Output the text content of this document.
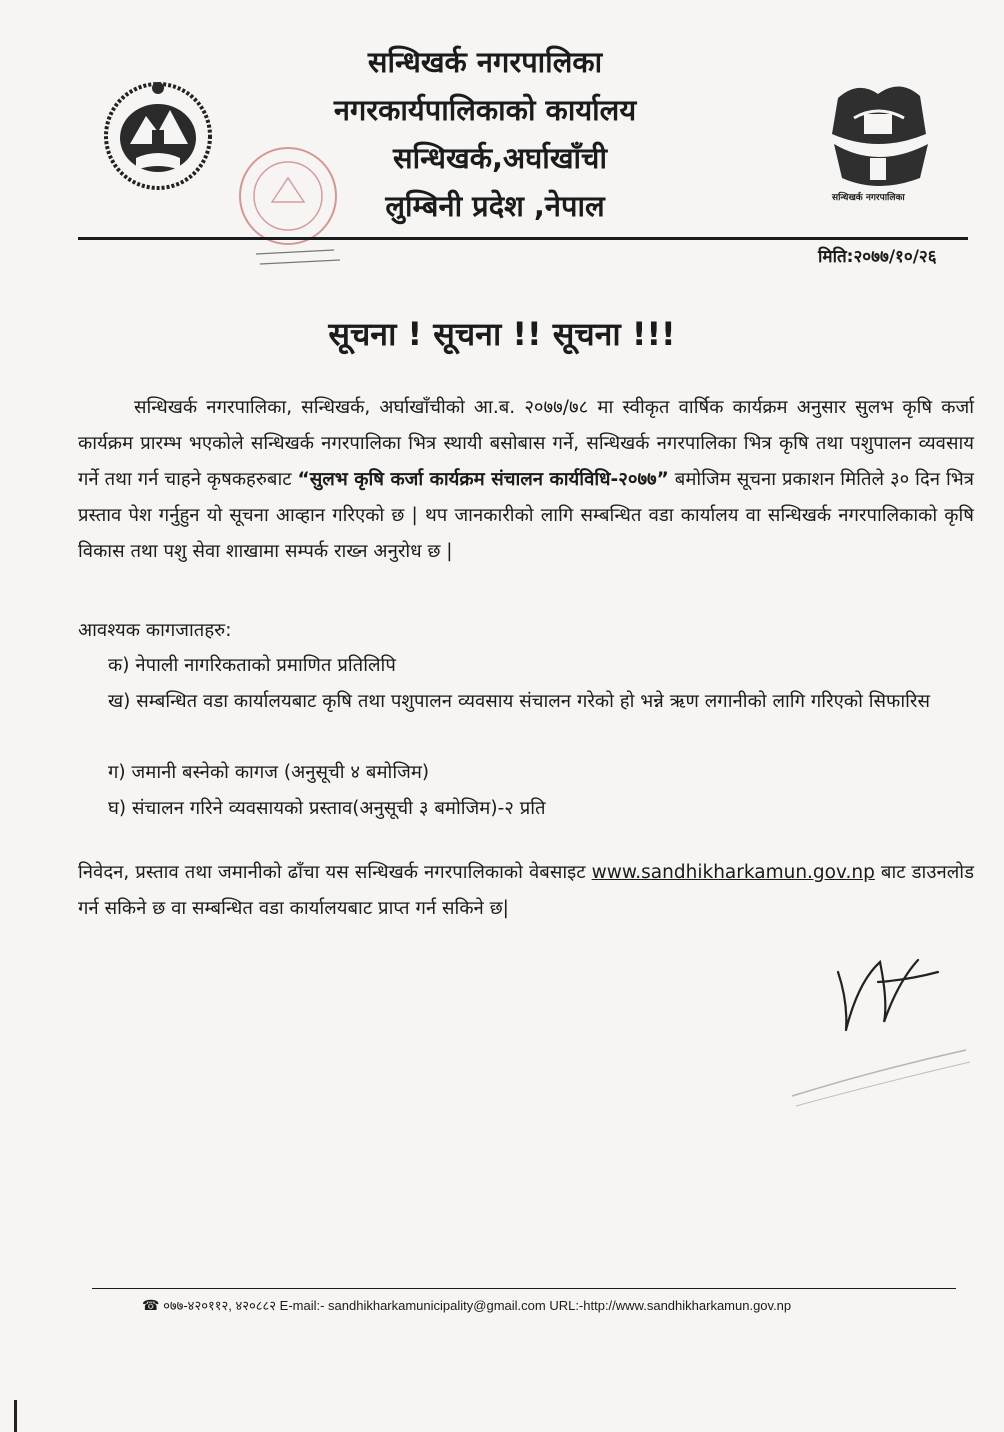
सन्धिखर्क नगरपालिका
नगरकार्यपालिकाको कार्यालय
सन्धिखर्क,अर्घाखाँची
लुम्बिनी प्रदेश ,नेपाल	सन्धिखर्क नगरपालिका
मिति:२०७७/१०/२६
सूचना ! सूचना !! सूचना !!!
सन्धिखर्क नगरपालिका, सन्धिखर्क, अर्घाखाँचीको आ.ब. २०७७/७८ मा स्वीकृत वार्षिक कार्यक्रम अनुसार सुलभ कृषि कर्जा कार्यक्रम प्रारम्भ भएकोले सन्धिखर्क नगरपालिका भित्र स्थायी बसोबास गर्ने, सन्धिखर्क नगरपालिका भित्र कृषि तथा पशुपालन व्यवसाय गर्ने तथा गर्न चाहने कृषकहरुबाट “सुलभ कृषि कर्जा कार्यक्रम संचालन कार्यविधि-२०७७” बमोजिम सूचना प्रकाशन मितिले ३० दिन भित्र प्रस्ताव पेश गर्नुहुन यो सूचना आव्हान गरिएको छ | थप जानकारीको लागि सम्बन्धित वडा कार्यालय वा सन्धिखर्क नगरपालिकाको कृषि विकास तथा पशु सेवा शाखामा सम्पर्क राख्न अनुरोध छ |
आवश्यक कागजातहरु:
क) नेपाली नागरिकताको प्रमाणित प्रतिलिपि
ख) सम्बन्धित वडा कार्यालयबाट कृषि तथा पशुपालन व्यवसाय संचालन गरेको हो भन्ने ऋण लगानीको लागि गरिएको सिफारिस
ग) जमानी बस्नेको कागज (अनुसूची ४ बमोजिम)
घ) संचालन गरिने व्यवसायको प्रस्ताव(अनुसूची ३ बमोजिम)-२ प्रति
निवेदन, प्रस्ताव तथा जमानीको ढाँचा यस सन्धिखर्क नगरपालिकाको वेबसाइट www.sandhikharkamun.gov.np बाट डाउनलोड गर्न सकिने छ वा सम्बन्धित वडा कार्यालयबाट प्राप्त गर्न सकिने छ|
☎ ०७७-४२०११२, ४२०८८२ E-mail:- sandhikharkamunicipality@gmail.com URL:-http://www.sandhikharkamun.gov.np
